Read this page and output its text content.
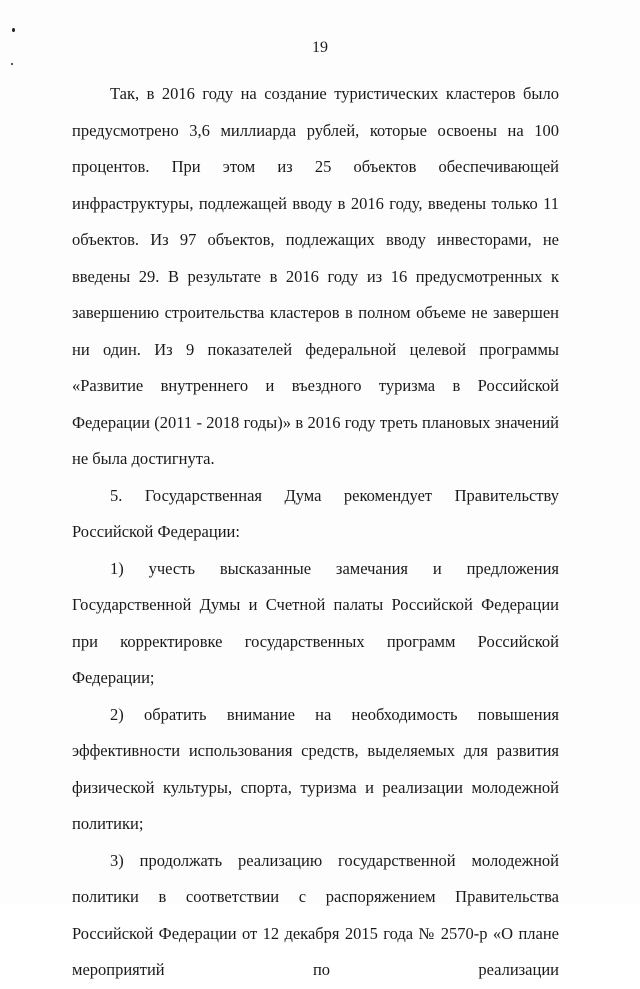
19

Так, в 2016 году на создание туристических кластеров было предусмотрено 3,6 миллиарда рублей, которые освоены на 100 процентов. При этом из 25 объектов обеспечивающей инфраструктуры, подлежащей вводу в 2016 году, введены только 11 объектов. Из 97 объектов, подлежащих вводу инвесторами, не введены 29. В результате в 2016 году из 16 предусмотренных к завершению строительства кластеров в полном объеме не завершен ни один. Из 9 показателей федеральной целевой программы «Развитие внутреннего и въездного туризма в Российской Федерации (2011 - 2018 годы)» в 2016 году треть плановых значений не была достигнута.

5. Государственная Дума рекомендует Правительству Российской Федерации:

1) учесть высказанные замечания и предложения Государственной Думы и Счетной палаты Российской Федерации при корректировке государственных программ Российской Федерации;

2) обратить внимание на необходимость повышения эффективности использования средств, выделяемых для развития физической культуры, спорта, туризма и реализации молодежной политики;

3) продолжать реализацию государственной молодежной политики в соответствии с распоряжением Правительства Российской Федерации от 12 декабря 2015 года № 2570-р «О плане мероприятий по реализации
